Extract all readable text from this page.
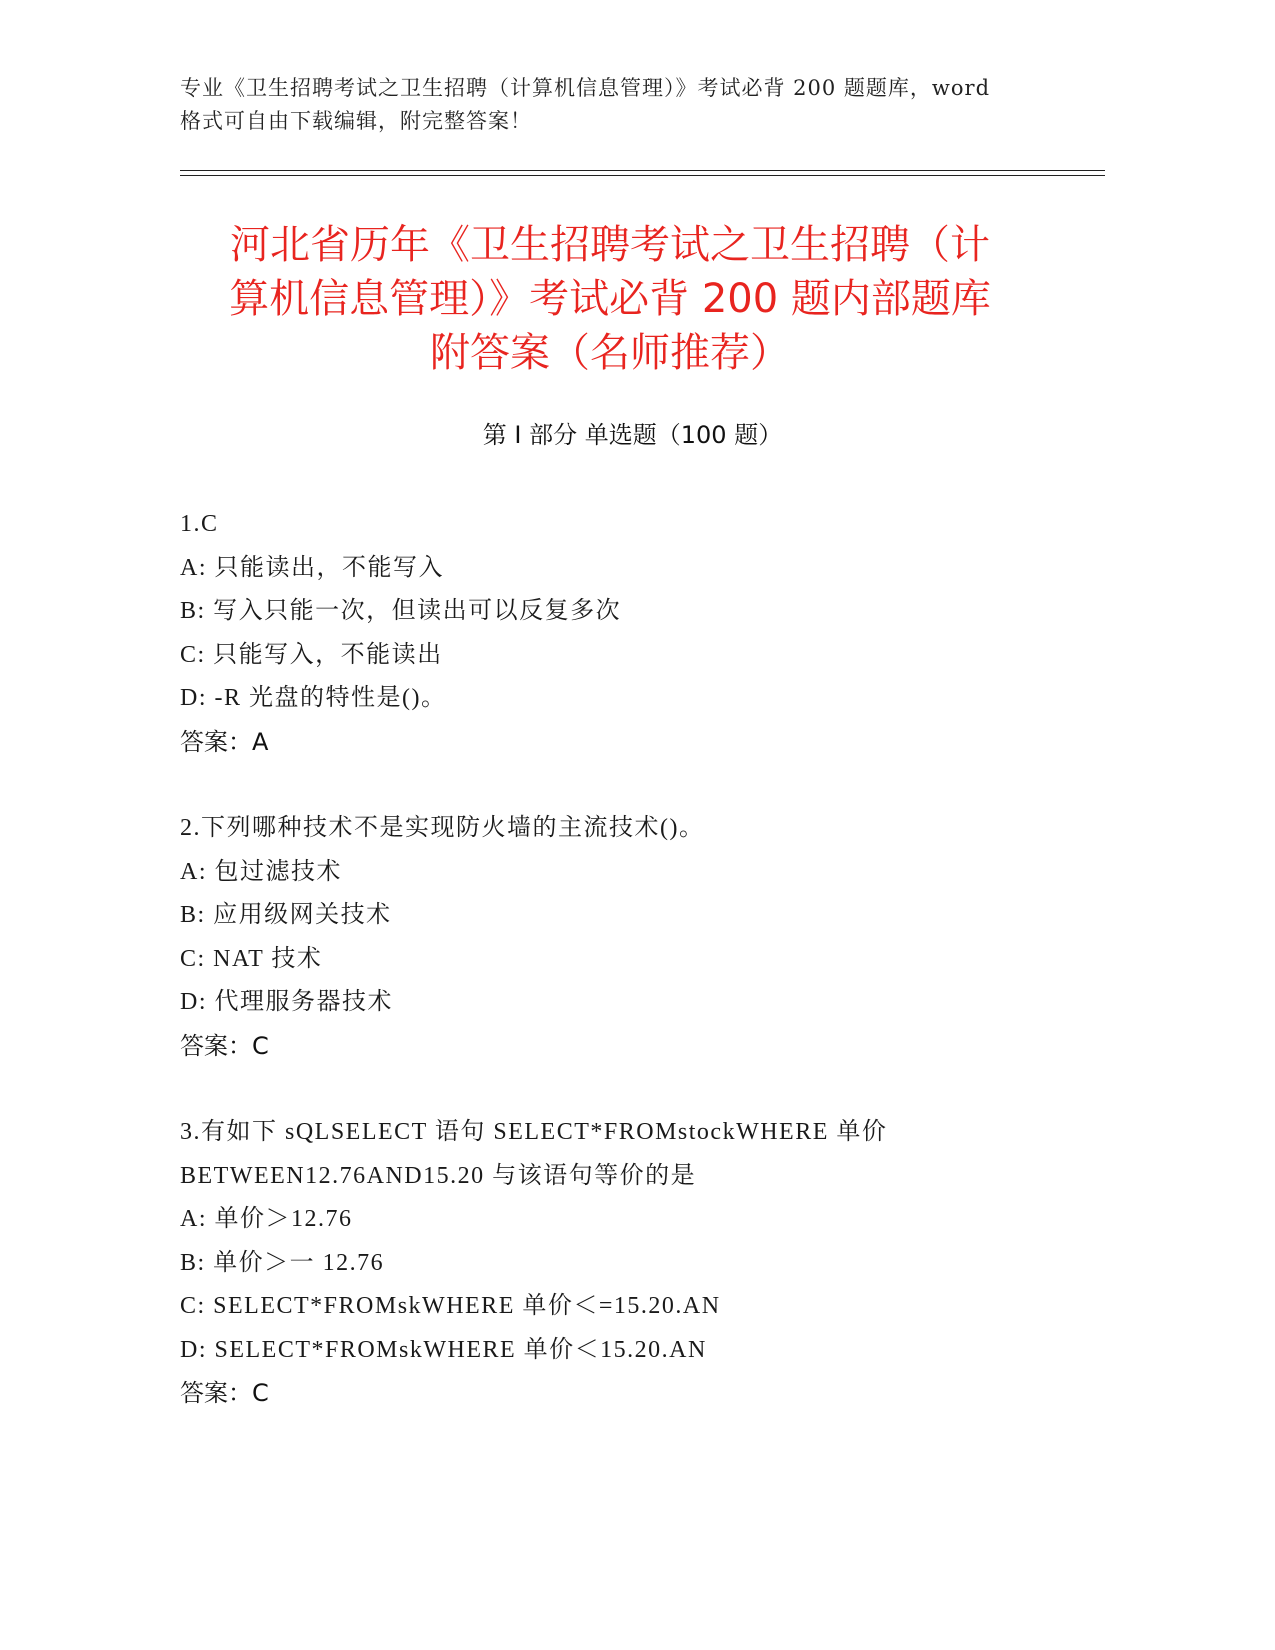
专业《卫生招聘考试之卫生招聘（计算机信息管理）》考试必背 200 题题库，word
格式可自由下载编辑，附完整答案！
河北省历年《卫生招聘考试之卫生招聘（计
算机信息管理）》考试必背 200 题内部题库
附答案（名师推荐）
第 I 部分 单选题（100 题）
1.C
A: 只能读出，不能写入
B: 写入只能一次，但读出可以反复多次
C: 只能写入，不能读出
D: -R 光盘的特性是()。
答案：A
2.下列哪种技术不是实现防火墙的主流技术()。
A: 包过滤技术
B: 应用级网关技术
C: NAT 技术
D: 代理服务器技术
答案：C
3.有如下 sQLSELECT 语句 SELECT*FROMstockWHERE 单价
BETWEEN12.76AND15.20 与该语句等价的是
A: 单价＞12.76
B: 单价＞一 12.76
C: SELECT*FROMskWHERE 单价＜=15.20.AN
D: SELECT*FROMskWHERE 单价＜15.20.AN
答案：C
